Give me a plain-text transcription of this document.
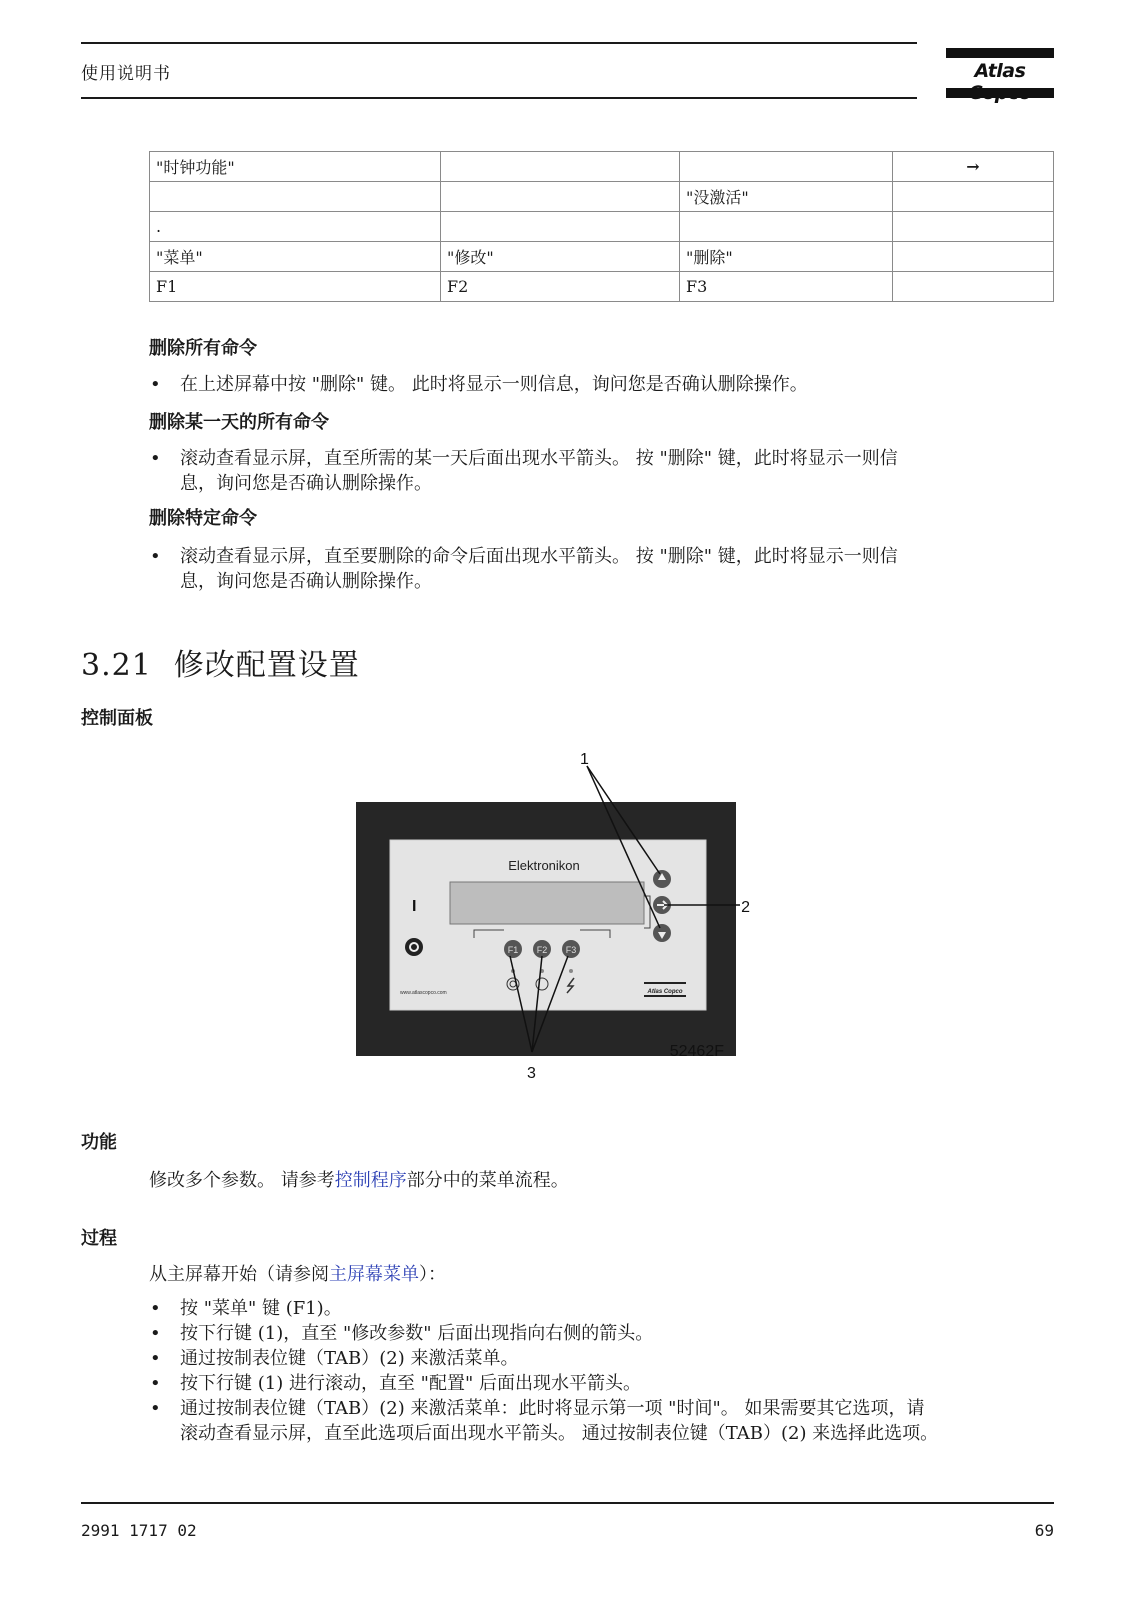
使用说明书	Atlas
"时钟功能"			→
		"没激活"	
.			
"菜单"	"修改"	"删除"	
F1	F2	F3	
删除所有命令
• 在上述屏幕中按 "删除" 键。 此时将显示一则信息，询问您是否确认删除操作。
删除某一天的所有命令
• 滚动查看显示屏，直至所需的某一天后面出现水平箭头。 按 "删除" 键，此时将显示一则信
息，询问您是否确认删除操作。
删除特定命令
• 滚动查看显示屏，直至要删除的命令后面出现水平箭头。 按 "删除" 键，此时将显示一则信
息，询问您是否确认删除操作。
3.21 修改配置设置
控制面板
Elektronikon
I
F1 F2 F3
www.atlascopco.com	Atlas Copco
1
2
3
52462F
功能
修改多个参数。 请参考控制程序部分中的菜单流程。
过程
从主屏幕开始（请参阅主屏幕菜单）：
• 按 "菜单" 键 (F1)。
• 按下行键 (1)，直至 "修改参数" 后面出现指向右侧的箭头。
• 通过按制表位键（TAB）(2) 来激活菜单。
• 按下行键 (1) 进行滚动，直至 "配置" 后面出现水平箭头。
• 通过按制表位键（TAB）(2) 来激活菜单：此时将显示第一项 "时间"。 如果需要其它选项，请
滚动查看显示屏，直至此选项后面出现水平箭头。 通过按制表位键（TAB）(2) 来选择此选项。
2991 1717 02	69
